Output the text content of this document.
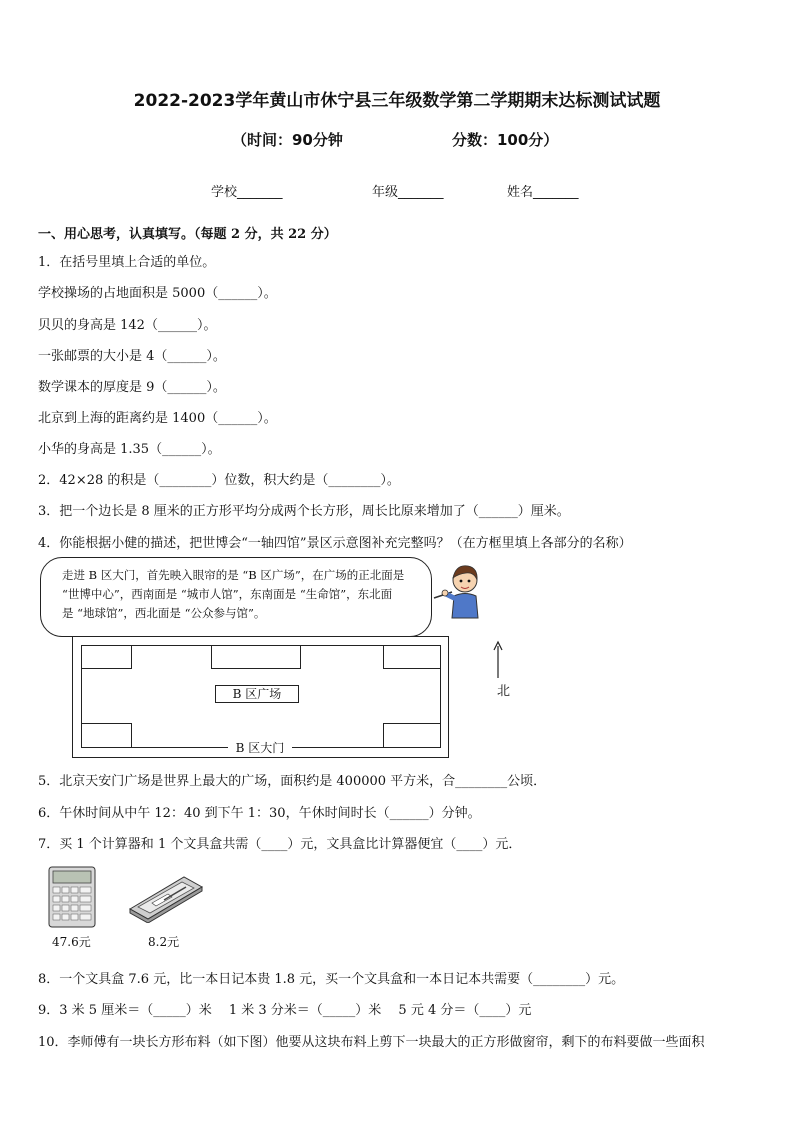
2022-2023学年黄山市休宁县三年级数学第二学期期末达标测试试题
（时间：90分钟	分数：100分）
学校_______	年级_______	姓名_______
一、用心思考，认真填写。（每题 2 分，共 22 分）
1．在括号里填上合适的单位。
学校操场的占地面积是 5000（______）。
贝贝的身高是 142（______）。
一张邮票的大小是 4（______）。
数学课本的厚度是 9（______）。
北京到上海的距离约是 1400（______）。
小华的身高是 1.35（______）。
2．42×28 的积是（________）位数，积大约是（________）。
3．把一个边长是 8 厘米的正方形平均分成两个长方形，周长比原来增加了（______）厘米。
4．你能根据小健的描述，把世博会“一轴四馆”景区示意图补充完整吗？（在方框里填上各部分的名称）
走进 B 区大门，首先映入眼帘的是 “B 区广场”，在广场的正北面是
“世博中心”，西南面是 “城市人馆”，东南面是 “生命馆”，东北面
是 “地球馆”，西北面是 “公众参与馆”。
B 区广场
B 区大门
北
5．北京天安门广场是世界上最大的广场，面积约是 400000 平方米，合________公顷．
6．午休时间从中午 12：40 到下午 1：30，午休时间时长（______）分钟。
7．买 1 个计算器和 1 个文具盒共需（____）元，文具盒比计算器便宜（____）元．
47.6元	8.2元
8．一个文具盒 7.6 元，比一本日记本贵 1.8 元，买一个文具盒和一本日记本共需要（________）元。
9．3 米 5 厘米＝（_____）米　 1 米 3 分米＝（_____）米　 5 元 4 分＝（____）元
10．李师傅有一块长方形布料（如下图）他要从这块布料上剪下一块最大的正方形做窗帘，剩下的布料要做一些面积
